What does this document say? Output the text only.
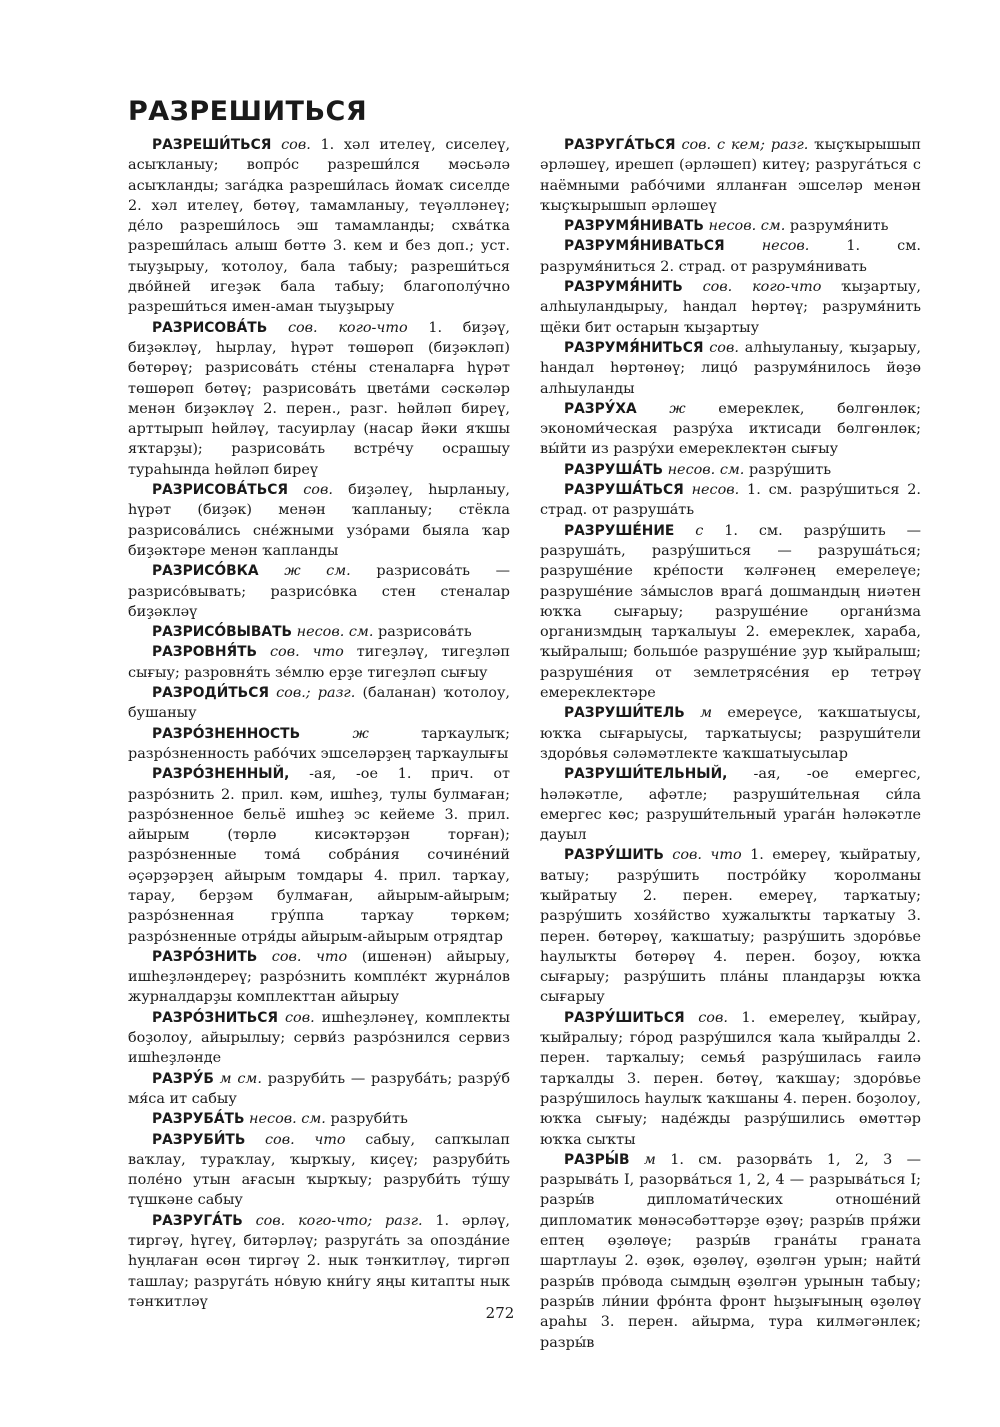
РАЗРЕШИТЬСЯ

РАЗРЕШИ́ТЬСЯ сов. 1. хәл ителеү, сиселеү, асыҡланыу; вопро́с разреши́лся мәсьәлә асыҡланды; зага́дка разреши́лась йомаҡ сиселде 2. хәл ителеү, бөтөү, тамамланыу, теүәлләнеү; де́ло разреши́лось эш тамамланды; схва́тка разреши́лась алыш бөттө 3. кем и без доп.; уст. тыуҙырыу, ҡотолоу, бала табыу; разреши́ться дво́йней игеҙәк бала табыу; благополу́чно разреши́ться имен-аман тыуҙырыу

РАЗРИСОВА́ТЬ сов. кого-что 1. биҙәү, биҙәкләү, һырлау, һүрәт төшөрөп (биҙәкләп) бөтөрөү; разрисова́ть сте́ны стеналарға һүрәт төшөрөп бөтөү; разрисова́ть цвета́ми сәскәләр менән биҙәкләү 2. перен., разг. һөйләп биреү, арттырып һөйләү, тасуирлау (насар йәки яҡшы яҡтарҙы); разрисова́ть встре́чу осрашыу тураһында һөйләп биреү

РАЗРИСОВА́ТЬСЯ сов. биҙәлеү, һырланыу, һүрәт (биҙәк) менән ҡапланыу; стёкла разрисова́лись сне́жными узо́рами быяла ҡар биҙәктәре менән ҡапланды

РАЗРИСО́ВКА ж см. разрисова́ть — разрисо́вывать; разрисо́вка стен стеналар биҙәкләү

РАЗРИСО́ВЫВАТЬ несов. см. разрисова́ть

РАЗРОВНЯ́ТЬ сов. что тигеҙләү, тигеҙләп сығыу; разровня́ть зе́млю ерҙе тигеҙләп сығыу

РАЗРОДИ́ТЬСЯ сов.; разг. (баланан) ҡотолоу, бушаныу

РАЗРО́ЗНЕННОСТЬ	ж	тарҡаулыҡ; разро́зненность рабо́чих эшселәрҙең тарҡаулығы

РАЗРО́ЗНЕННЫЙ, -ая, -ое 1. прич. от разро́знить 2. прил. кәм, ишһеҙ, тулы булмаған; разро́зненное бельё ишһеҙ эс кейеме 3. прил. айырым (төрлө кисәктәрҙән торған); разро́зненные тома́ собра́ния сочине́ний әҫәрҙәрҙең айырым томдары 4. прил. тарҡау, тарау, берҙәм булмаған, айырым-айырым; разро́зненная гру́ппа тарҡау төркөм; разро́зненные отря́ды айырым-айырым отрядтар

РАЗРО́ЗНИТЬ сов. что (ишенән) айырыу, ишһеҙләндереү; разро́знить компле́кт журна́лов журналдарҙы комплекттан айырыу

РАЗРО́ЗНИТЬСЯ сов. ишһеҙләнеү, комплекты боҙолоу, айырылыу; серви́з разро́знился сервиз ишһеҙләнде

РАЗРУ́Б м см. разруби́ть — разруба́ть; разру́б мя́са ит сабыу

РАЗРУБА́ТЬ несов. см. разруби́ть

РАЗРУБИ́ТЬ сов. что сабыу, сапҡылап ваҡлау, тураҡлау, ҡырҡыу, киҫеү; разруби́ть поле́но утын ағасын ҡырҡыу; разруби́ть ту́шу түшкәне сабыу

РАЗРУГА́ТЬ сов. кого-что; разг. 1. әрләү, тиргәү, һүгеү, битәрләү; разруга́ть за опозда́ние һуңлаған өсөн тиргәү 2. нык тәнҡитләү, тиргәп ташлау; разруга́ть но́вую кни́гу яңы китапты нык тәнҡитләү

РАЗРУГА́ТЬСЯ сов. с кем; разг. ҡыҫҡырышып әрләшеү, ирешеп (әрләшеп) китеү; разруга́ться с наёмными рабо́чими ялланған эшселәр менән ҡыҫҡырышып әрләшеү

РАЗРУМЯ́НИВАТЬ несов. см. разрумя́нить

РАЗРУМЯ́НИВАТЬСЯ	несов.	1. см. разрумя́ниться 2. страд. от разрумя́нивать

РАЗРУМЯ́НИТЬ сов. кого-что ҡыҙартыу, алһыуландырыу, һандал һөртөү; разрумя́нить щёки бит остарын ҡыҙартыу

РАЗРУМЯ́НИТЬСЯ сов. алһыуланыу, ҡыҙарыу, һандал һөртөнөү; лицо́ разрумя́нилось йөҙө алһыуланды

РАЗРУ́ХА ж емереклек, бөлгөнлөк; экономи́ческая разру́ха иҡтисади бөлгөнлөк; вы́йти из разру́хи емереклектән сығыу

РАЗРУША́ТЬ несов. см. разру́шить

РАЗРУША́ТЬСЯ несов. 1. см. разру́шиться 2. страд. от разруша́ть

РАЗРУШЕ́НИЕ с 1. см. разру́шить — разруша́ть, разру́шиться — разруша́ться; разруше́ние кре́пости ҡәлғәнең емерелеүе; разруше́ние за́мыслов врага́ дошмандың ниәтен юҡҡа сығарыу; разруше́ние органи́зма организмдың тарҡалыуы 2. емереклек, хараба, ҡыйралыш; большо́е разруше́ние ҙур ҡыйралыш; разруше́ния от землетрясе́ния ер тетрәү емереклектәре

РАЗРУШИ́ТЕЛЬ м емереүсе, ҡаҡшатыусы, юҡҡа сығарыусы, тарҡатыусы; разруши́тели здоро́вья сәләмәтлекте ҡаҡшатыусылар

РАЗРУШИ́ТЕЛЬНЫЙ, -ая, -ое емергес, һәләкәтле, афәтле; разруши́тельная си́ла емергес көс; разруши́тельный урага́н һәләкәтле дауыл

РАЗРУ́ШИТЬ сов. что 1. емереү, ҡыйратыу, ватыу; разру́шить постро́йку ҡоролманы ҡыйратыу 2. перен. емереү, тарҡатыу; разру́шить хозя́йство хужалыҡты тарҡатыу 3. перен. бөтөрөү, ҡаҡшатыу; разру́шить здоро́вье һаулыҡты бөтөрөү 4. перен. боҙоу, юҡҡа сығарыу; разру́шить пла́ны пландарҙы юҡҡа сығарыу

РАЗРУ́ШИТЬСЯ сов. 1. емерелеү, ҡыйрау, ҡыйралыу; го́род разру́шился ҡала ҡыйралды 2. перен. тарҡалыу; семья́ разру́шилась ғаилә тарҡалды 3. перен. бөтөү, ҡаҡшау; здоро́вье разру́шилось һаулыҡ ҡаҡшаны 4. перен. боҙолоу, юҡҡа сығыу; наде́жды разру́шились өмөттәр юҡҡа сыҡты

РАЗРЫ́В м 1. см. разорва́ть 1, 2, 3 — разрыва́ть I, разорва́ться 1, 2, 4 — разрыва́ться I; разры́в дипломати́ческих отноше́ний дипломатик мөнәсәбәттәрҙе өҙөү; разры́в пря́жи ептең өҙөлөүе; разры́в грана́ты граната шартлауы 2. өҙөк, өҙөлөү, өҙөлгән урын; найти́ разры́в про́вода сымдың өҙөлгән урынын табыу; разры́в ли́нии фро́нта фронт һыҙығының өҙөлөү араһы 3. перен. айырма, тура килмәгәнлек; разры́в

272
